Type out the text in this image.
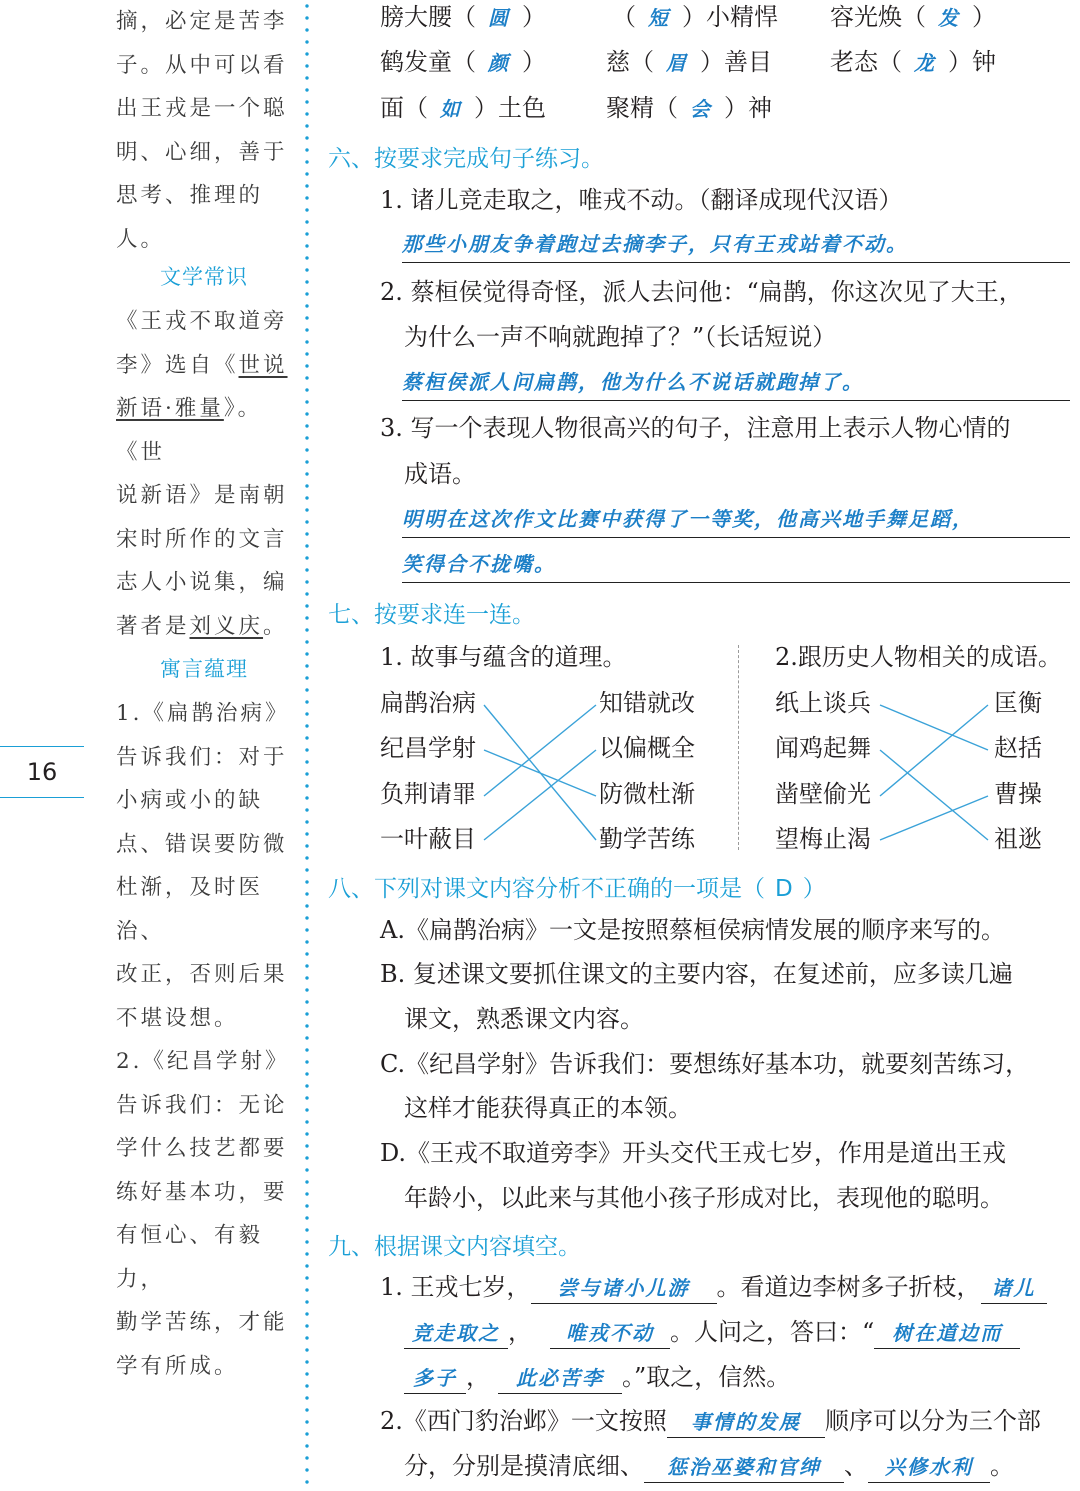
摘，必定是苦李
子。从中可以看
出王戎是一个聪
明、心细，善于
思考、推理的人。
文学常识
《王戎不取道旁
李》选自《世说
新语·雅量》。《世
说新语》是南朝
宋时所作的文言
志人小说集，编
著者是刘义庆。
寓言蕴理
1.《扁鹊治病》
告诉我们：对于
小病或小的缺
点、错误要防微
杜渐，及时医治、
改正，否则后果
不堪设想。
2.《纪昌学射》
告诉我们：无论
学什么技艺都要
练好基本功，要
有恒心、有毅力，
勤学苦练，才能
学有所成。
16
膀大腰（ 圆 ）	（ 短 ）小精悍 容光焕（ 发 ）
鹤发童（ 颜 ）	慈（ 眉 ）善目 老态（ 龙 ）钟
面（ 如 ）土色	聚精（ 会 ）神
六、按要求完成句子练习。
1. 诸儿竞走取之，唯戎不动。（翻译成现代汉语）
那些小朋友争着跑过去摘李子，只有王戎站着不动。
2. 蔡桓侯觉得奇怪，派人去问他：“扁鹊，你这次见了大王，
为什么一声不响就跑掉了？”（长话短说）
蔡桓侯派人问扁鹊，他为什么不说话就跑掉了。
3. 写一个表现人物很高兴的句子，注意用上表示人物心情的
成语。
明明在这次作文比赛中获得了一等奖，他高兴地手舞足蹈，
笑得合不拢嘴。
七、按要求连一连。
1. 故事与蕴含的道理。	2.跟历史人物相关的成语。
扁鹊治病
纪昌学射
负荆请罪
一叶蔽目
知错就改
以偏概全
防微杜渐
勤学苦练
纸上谈兵
闻鸡起舞
凿壁偷光
望梅止渴
匡衡
赵括
曹操
祖逖
八、下列对课文内容分析不正确的一项是（ D ）
A.《扁鹊治病》一文是按照蔡桓侯病情发展的顺序来写的。
B. 复述课文要抓住课文的主要内容，在复述前，应多读几遍
课文，熟悉课文内容。
C.《纪昌学射》告诉我们：要想练好基本功，就要刻苦练习，
这样才能获得真正的本领。
D.《王戎不取道旁李》开头交代王戎七岁，作用是道出王戎
年龄小，以此来与其他小孩子形成对比，表现他的聪明。
九、根据课文内容填空。
1. 王戎七岁， 尝与诸小儿游 。看道边李树多子折枝， 诸儿
竞走取之 ， 唯戎不动 。人问之，答曰：“ 树在道边而
多子 ， 此必苦李 。”取之，信然。
2.《西门豹治邺》一文按照 事情的发展 顺序可以分为三个部
分，分别是摸清底细、 惩治巫婆和官绅 、 兴修水利 。
